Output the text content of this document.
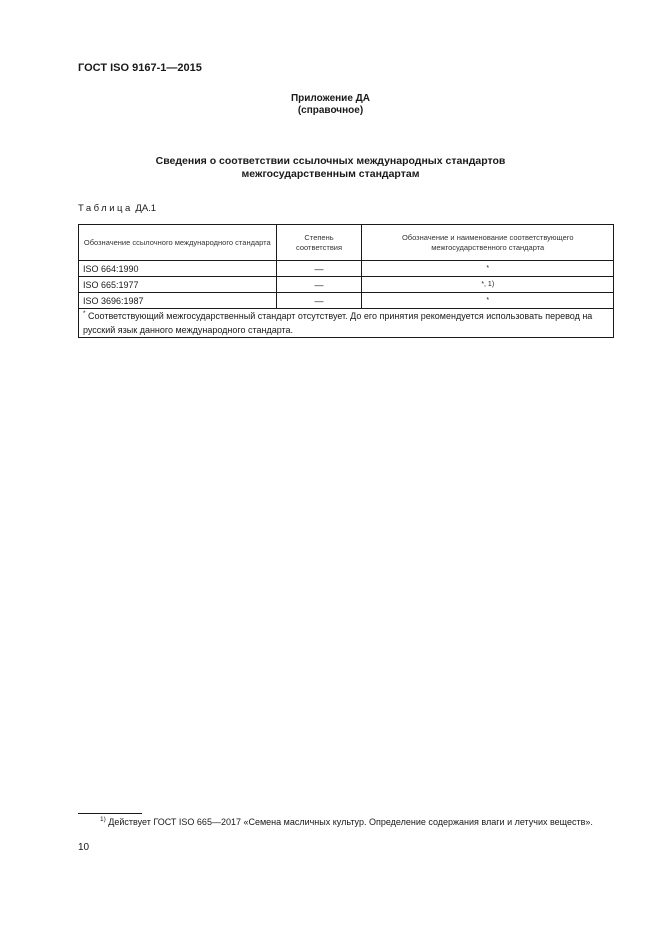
ГОСТ ISO 9167-1—2015
Приложение ДА
(справочное)
Сведения о соответствии ссылочных международных стандартов
межгосударственным стандартам
Таблица ДА.1
Обозначение ссылочного международного стандарта	Степень соответствия	Обозначение и наименование соответствующего межгосударственного стандарта
ISO 664:1990	—	*
ISO 665:1977	—	*, 1)
ISO 3696:1987	—	*
* Соответствующий межгосударственный стандарт отсутствует. До его принятия рекомендуется использовать перевод на русский язык данного международного стандарта.		
$^{1)}$ Действует ГОСТ ISO 665—2017 «Семена масличных культур. Определение содержания влаги и летучих веществ».
10
